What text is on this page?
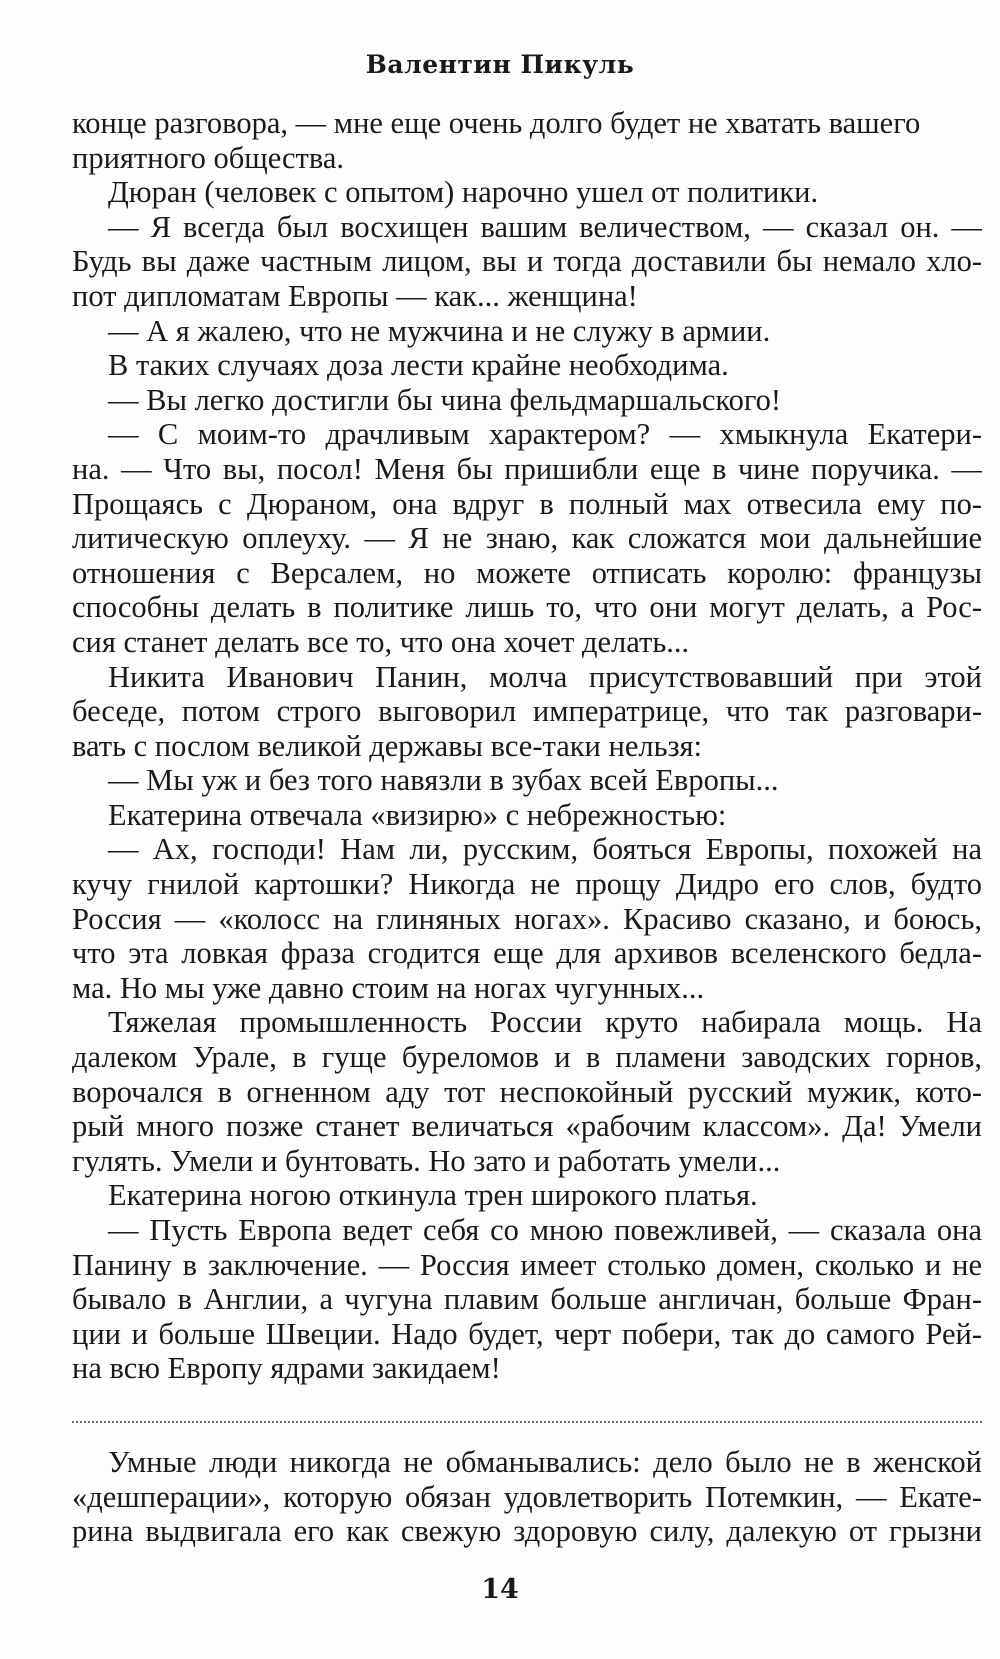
Валентин Пикуль
конце разговора, — мне еще очень долго будет не хватать вашего
приятного общества.
Дюран (человек с опытом) нарочно ушел от политики.
— Я всегда был восхищен вашим величеством, — сказал он. —
Будь вы даже частным лицом, вы и тогда доставили бы немало хло-
пот дипломатам Европы — как... женщина!
— А я жалею, что не мужчина и не служу в армии.
В таких случаях доза лести крайне необходима.
— Вы легко достигли бы чина фельдмаршальского!
— С моим-то драчливым характером? — хмыкнула Екатери-
на. — Что вы, посол! Меня бы пришибли еще в чине поручика. —
Прощаясь с Дюраном, она вдруг в полный мах отвесила ему по-
литическую оплеуху. — Я не знаю, как сложатся мои дальнейшие
отношения с Версалем, но можете отписать королю: французы
способны делать в политике лишь то, что они могут делать, а Рос-
сия станет делать все то, что она хочет делать...
Никита Иванович Панин, молча присутствовавший при этой
беседе, потом строго выговорил императрице, что так разговари-
вать с послом великой державы все-таки нельзя:
— Мы уж и без того навязли в зубах всей Европы...
Екатерина отвечала «визирю» с небрежностью:
— Ах, господи! Нам ли, русским, бояться Европы, похожей на
кучу гнилой картошки? Никогда не прощу Дидро его слов, будто
Россия — «колосс на глиняных ногах». Красиво сказано, и боюсь,
что эта ловкая фраза сгодится еще для архивов вселенского бедла-
ма. Но мы уже давно стоим на ногах чугунных...
Тяжелая промышленность России круто набирала мощь. На
далеком Урале, в гуще буреломов и в пламени заводских горнов,
ворочался в огненном аду тот неспокойный русский мужик, кото-
рый много позже станет величаться «рабочим классом». Да! Умели
гулять. Умели и бунтовать. Но зато и работать умели...
Екатерина ногою откинула трен широкого платья.
— Пусть Европа ведет себя со мною повежливей, — сказала она
Панину в заключение. — Россия имеет столько домен, сколько и не
бывало в Англии, а чугуна плавим больше англичан, больше Фран-
ции и больше Швеции. Надо будет, черт побери, так до самого Рей-
на всю Европу ядрами закидаем!
Умные люди никогда не обманывались: дело было не в женской
«дешперации», которую обязан удовлетворить Потемкин, — Екате-
рина выдвигала его как свежую здоровую силу, далекую от грызни
14
